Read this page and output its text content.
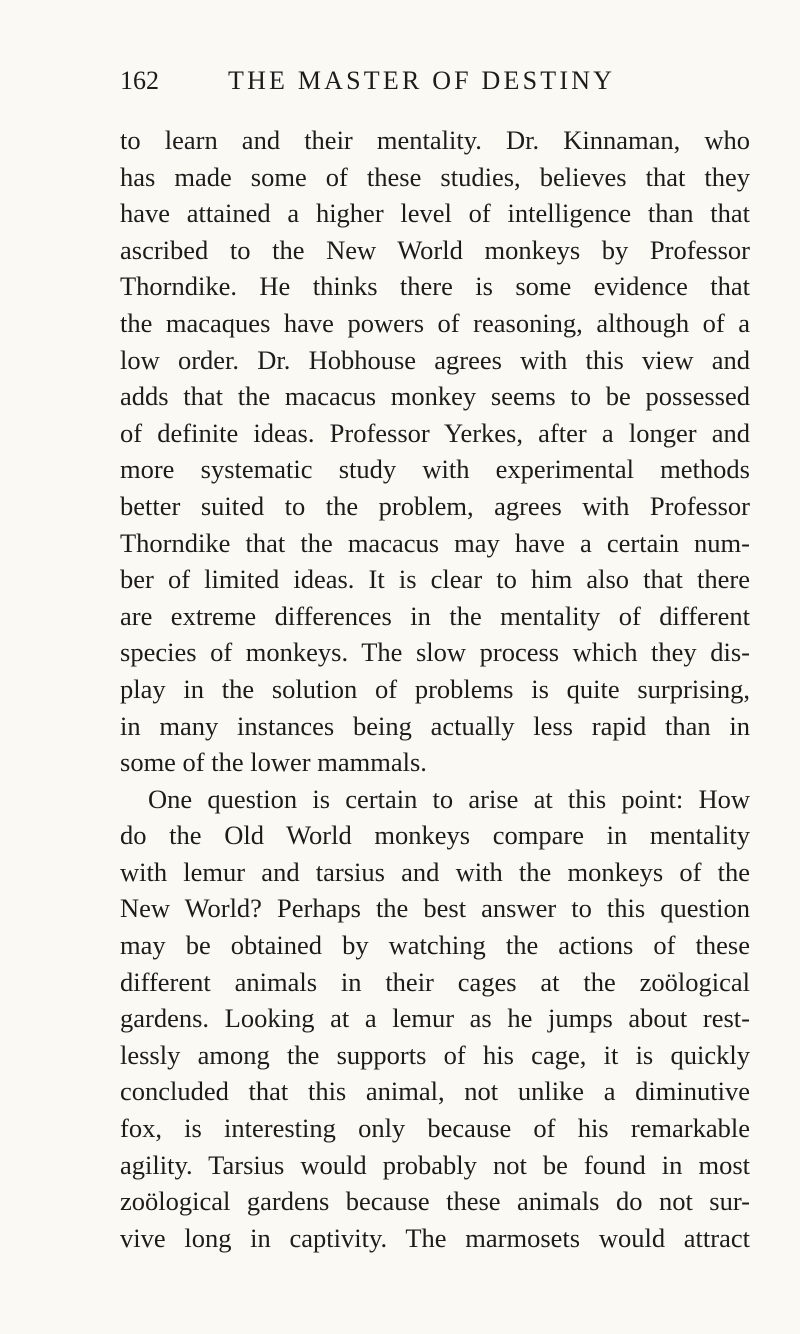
162	THE MASTER OF DESTINY
to learn and their mentality. Dr. Kinnaman, who
has made some of these studies, believes that they
have attained a higher level of intelligence than that
ascribed to the New World monkeys by Professor
Thorndike. He thinks there is some evidence that
the macaques have powers of reasoning, although of a
low order. Dr. Hobhouse agrees with this view and
adds that the macacus monkey seems to be possessed
of definite ideas. Professor Yerkes, after a longer and
more systematic study with experimental methods
better suited to the problem, agrees with Professor
Thorndike that the macacus may have a certain num-
ber of limited ideas. It is clear to him also that there
are extreme differences in the mentality of different
species of monkeys. The slow process which they dis-
play in the solution of problems is quite surprising,
in many instances being actually less rapid than in
some of the lower mammals.
One question is certain to arise at this point: How
do the Old World monkeys compare in mentality
with lemur and tarsius and with the monkeys of the
New World? Perhaps the best answer to this question
may be obtained by watching the actions of these
different animals in their cages at the zoölogical
gardens. Looking at a lemur as he jumps about rest-
lessly among the supports of his cage, it is quickly
concluded that this animal, not unlike a diminutive
fox, is interesting only because of his remarkable
agility. Tarsius would probably not be found in most
zoölogical gardens because these animals do not sur-
vive long in captivity. The marmosets would attract
